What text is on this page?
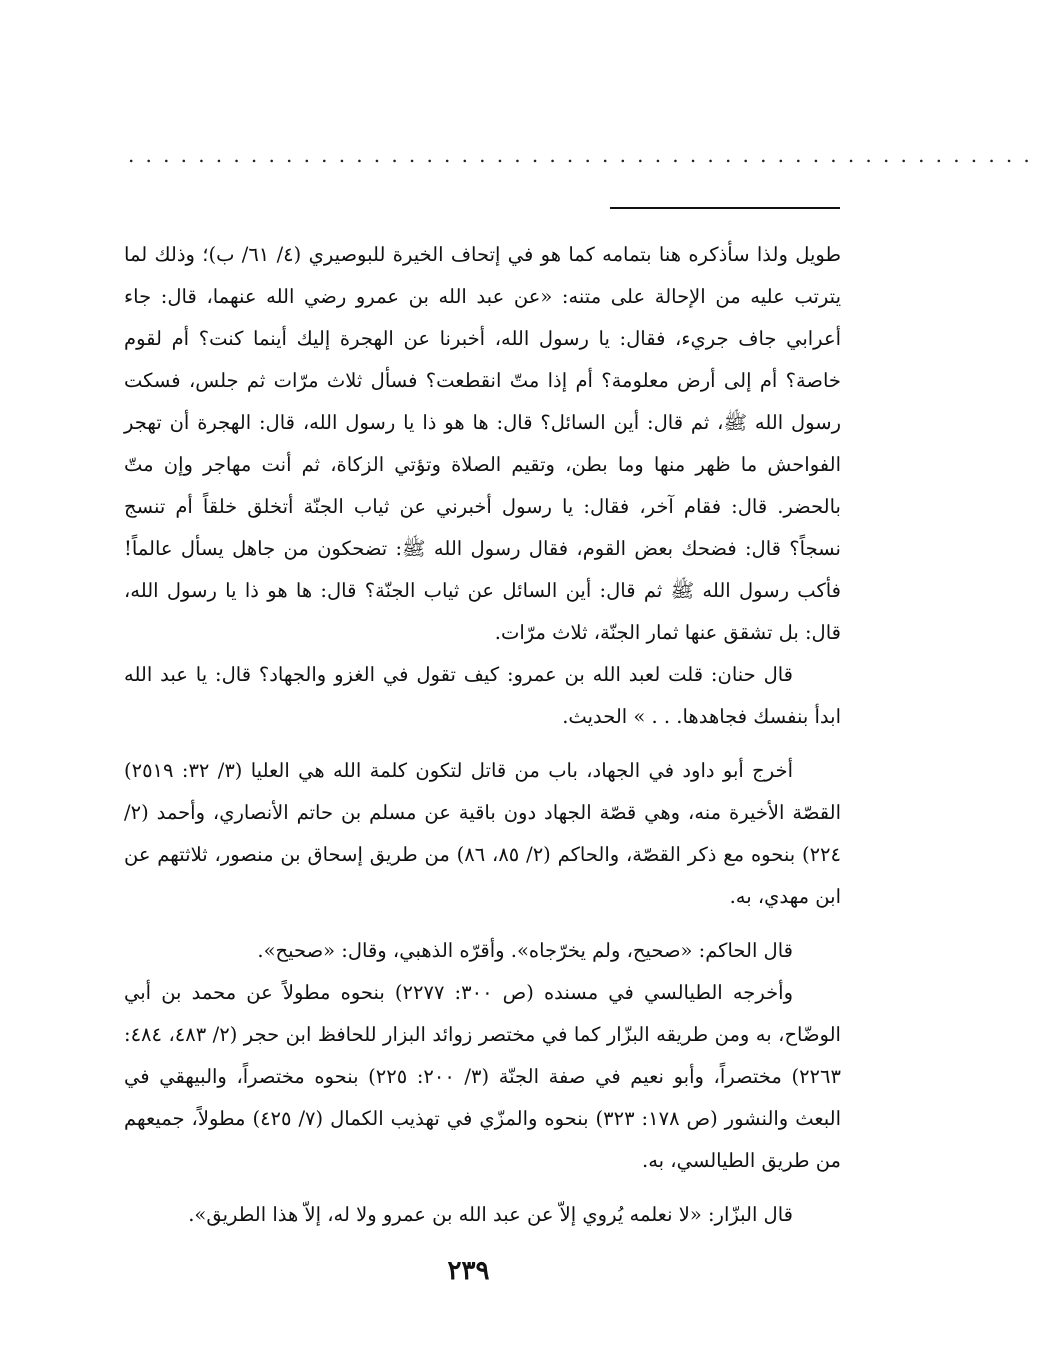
....................................................

طويل ولذا سأذكره هنا بتمامه كما هو في إتحاف الخيرة للبوصيري (٤/ ٦١/ ب)؛ وذلك لما يترتب عليه من الإحالة على متنه: «عن عبد الله بن عمرو رضي الله عنهما، قال: جاء أعرابي جاف جريء، فقال: يا رسول الله، أخبرنا عن الهجرة إليك أينما كنت؟ أم لقوم خاصة؟ أم إلى أرض معلومة؟ أم إذا متّ انقطعت؟ فسأل ثلاث مرّات ثم جلس، فسكت رسول الله ﷺ، ثم قال: أين السائل؟ قال: ها هو ذا يا رسول الله، قال: الهجرة أن تهجر الفواحش ما ظهر منها وما بطن، وتقيم الصلاة وتؤتي الزكاة، ثم أنت مهاجر وإن متّ بالحضر. قال: فقام آخر، فقال: يا رسول أخبرني عن ثياب الجنّة أتخلق خلقاً أم تنسج نسجاً؟ قال: فضحك بعض القوم، فقال رسول الله ﷺ: تضحكون من جاهل يسأل عالماً! فأكب رسول الله ﷺ ثم قال: أين السائل عن ثياب الجنّة؟ قال: ها هو ذا يا رسول الله، قال: بل تشقق عنها ثمار الجنّة، ثلاث مرّات.

قال حنان: قلت لعبد الله بن عمرو: كيف تقول في الغزو والجهاد؟ قال: يا عبد الله ابدأ بنفسك فجاهدها. . . » الحديث.

أخرج أبو داود في الجهاد، باب من قاتل لتكون كلمة الله هي العليا (٣/ ٣٢: ٢٥١٩) القصّة الأخيرة منه، وهي قصّة الجهاد دون باقية عن مسلم بن حاتم الأنصاري، وأحمد (٢/ ٢٢٤) بنحوه مع ذكر القصّة، والحاكم (٢/ ٨٥، ٨٦) من طريق إسحاق بن منصور، ثلاثتهم عن ابن مهدي، به.

قال الحاكم: «صحيح، ولم يخرّجاه». وأقرّه الذهبي، وقال: «صحيح».

وأخرجه الطيالسي في مسنده (ص ٣٠٠: ٢٢٧٧) بنحوه مطولاً عن محمد بن أبي الوضّاح، به ومن طريقه البزّار كما في مختصر زوائد البزار للحافظ ابن حجر (٢/ ٤٨٣، ٤٨٤: ٢٢٦٣) مختصراً، وأبو نعيم في صفة الجنّة (٣/ ٢٠٠: ٢٢٥) بنحوه مختصراً، والبيهقي في البعث والنشور (ص ١٧٨: ٣٢٣) بنحوه والمزّي في تهذيب الكمال (٧/ ٤٢٥) مطولاً، جميعهم من طريق الطيالسي، به.

قال البزّار: «لا نعلمه يُروي إلاّ عن عبد الله بن عمرو ولا له، إلاّ هذا الطريق».

٢٣٩
